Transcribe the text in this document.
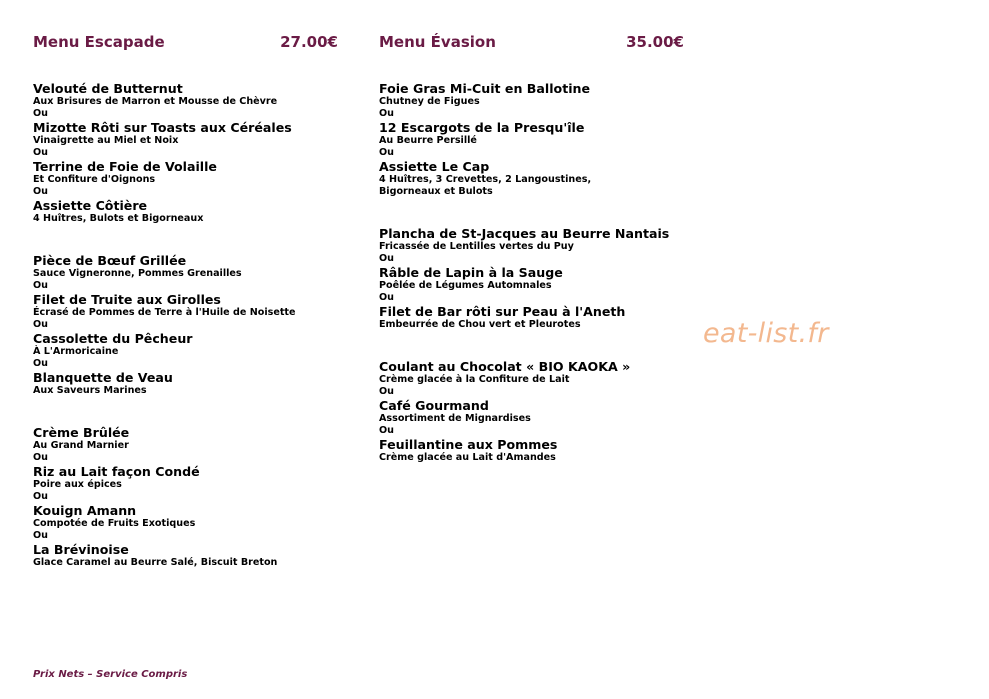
Menu Escapade	27.00€
Velouté de Butternut
Aux Brisures de Marron et Mousse de Chèvre
Ou
Mizotte Rôti sur Toasts aux Céréales
Vinaigrette au Miel et Noix
Ou
Terrine de Foie de Volaille
Et Confiture d'Oignons
Ou
Assiette Côtière
4 Huîtres, Bulots et Bigorneaux
Pièce de Bœuf Grillée
Sauce Vigneronne, Pommes Grenailles
Ou
Filet de Truite aux Girolles
Écrasé de Pommes de Terre à l'Huile de Noisette
Ou
Cassolette du Pêcheur
À L'Armoricaine
Ou
Blanquette de Veau
Aux Saveurs Marines
Crème Brûlée
Au Grand Marnier
Ou
Riz au Lait façon Condé
Poire aux épices
Ou
Kouign Amann
Compotée de Fruits Exotiques
Ou
La Brévinoise
Glace Caramel au Beurre Salé, Biscuit Breton
Menu Évasion	35.00€
Foie Gras Mi-Cuit en Ballotine
Chutney de Figues
Ou
12 Escargots de la Presqu'île
Au Beurre Persillé
Ou
Assiette Le Cap
4 Huîtres, 3 Crevettes, 2 Langoustines,
Bigorneaux et Bulots
Plancha de St-Jacques au Beurre Nantais
Fricassée de Lentilles vertes du Puy
Ou
Râble de Lapin à la Sauge
Poêlée de Légumes Automnales
Ou
Filet de Bar rôti sur Peau à l'Aneth
Embeurrée de Chou vert et Pleurotes
Coulant au Chocolat « BIO KAOKA »
Crème glacée à la Confiture de Lait
Ou
Café Gourmand
Assortiment de Mignardises
Ou
Feuillantine aux Pommes
Crème glacée au Lait d'Amandes
eat-list.fr
Prix Nets – Service Compris
